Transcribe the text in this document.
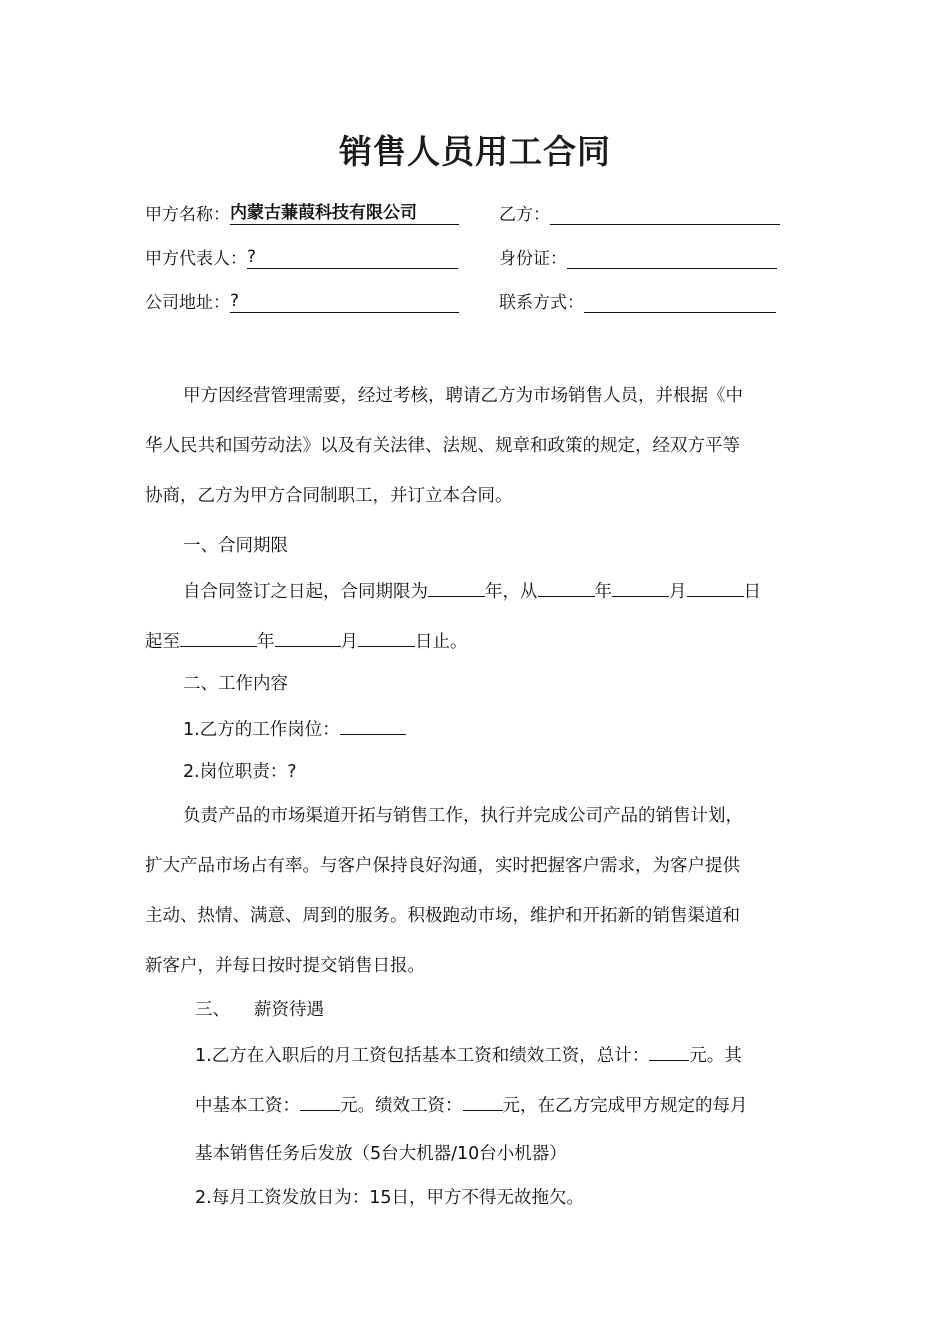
销售人员用工合同
甲方名称：内蒙古蒹葭科技有限公司	乙方：
甲方代表人：?	身份证：
公司地址：?	联系方式：
甲方因经营管理需要，经过考核，聘请乙方为市场销售人员，并根据《中
华人民共和国劳动法》以及有关法律、法规、规章和政策的规定，经双方平等
协商，乙方为甲方合同制职工，并订立本合同。
一、合同期限
自合同签订之日起，合同期限为	年，从	年	月	日
起至	年	月	日止。
二、工作内容
1.乙方的工作岗位：
2.岗位职责：?
负责产品的市场渠道开拓与销售工作，执行并完成公司产品的销售计划，
扩大产品市场占有率。与客户保持良好沟通，实时把握客户需求，为客户提供
主动、热情、满意、周到的服务。积极跑动市场，维护和开拓新的销售渠道和
新客户，并每日按时提交销售日报。
三、 薪资待遇
1.乙方在入职后的月工资包括基本工资和绩效工资，总计： 元。其
中基本工资： 元。绩效工资： 元，在乙方完成甲方规定的每月
基本销售任务后发放（5台大机器/10台小机器）
2.每月工资发放日为：15日，甲方不得无故拖欠。
